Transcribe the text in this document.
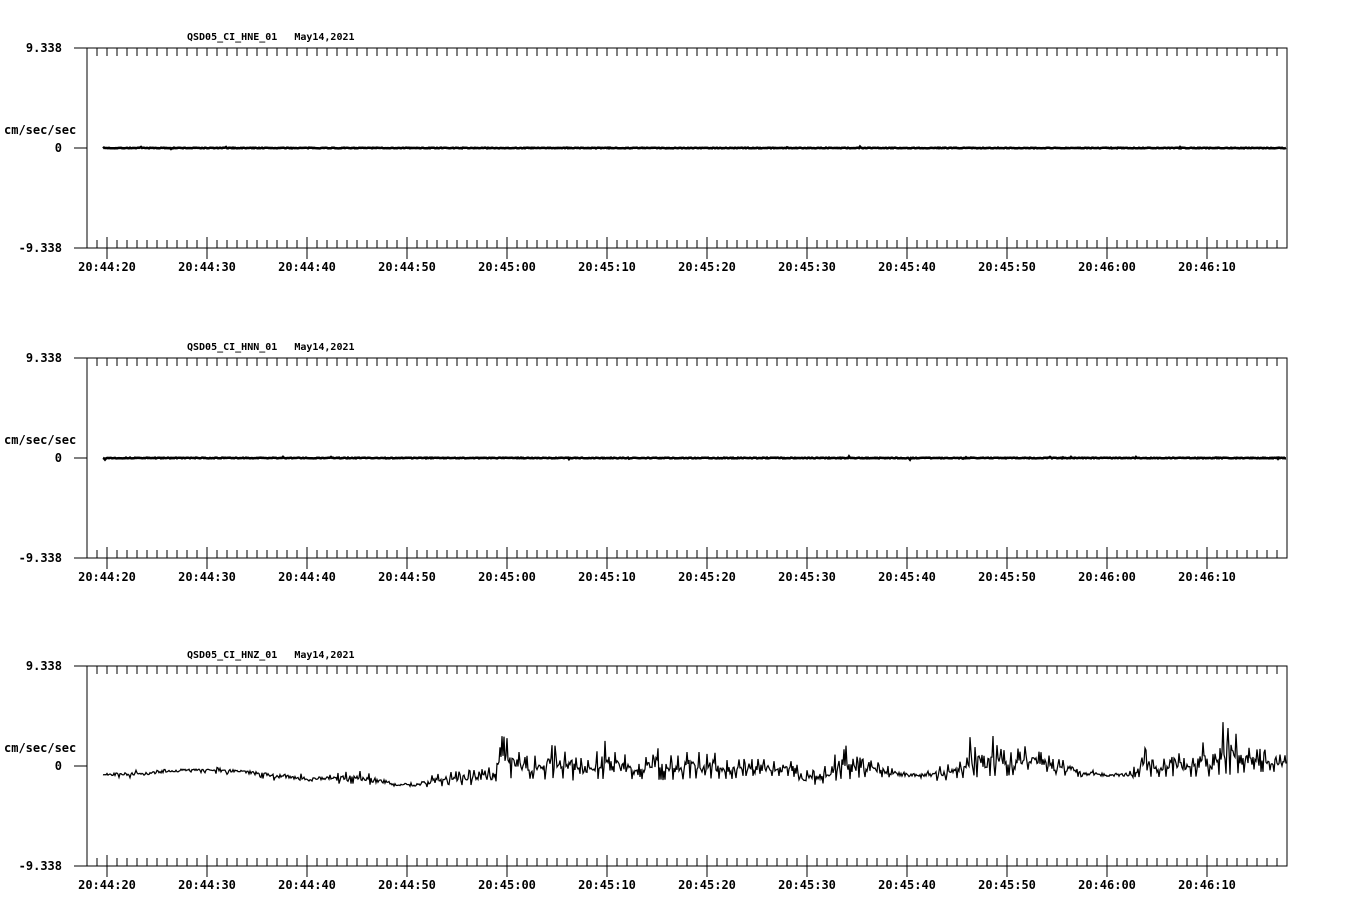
QSD05_CI_HNE_01 May14,2021
9.338
cm/sec/sec
0
-9.338
20:44:20	20:44:30	20:44:40	20:44:50	20:45:00	20:45:10	20:45:20	20:45:30	20:45:40	20:45:50	20:46:00	20:46:10
QSD05_CI_HNN_01 May14,2021
9.338
cm/sec/sec
0
-9.338
20:44:20	20:44:30	20:44:40	20:44:50	20:45:00	20:45:10	20:45:20	20:45:30	20:45:40	20:45:50	20:46:00	20:46:10
QSD05_CI_HNZ_01 May14,2021
9.338
cm/sec/sec
0
-9.338
20:44:20	20:44:30	20:44:40	20:44:50	20:45:00	20:45:10	20:45:20	20:45:30	20:45:40	20:45:50	20:46:00	20:46:10
